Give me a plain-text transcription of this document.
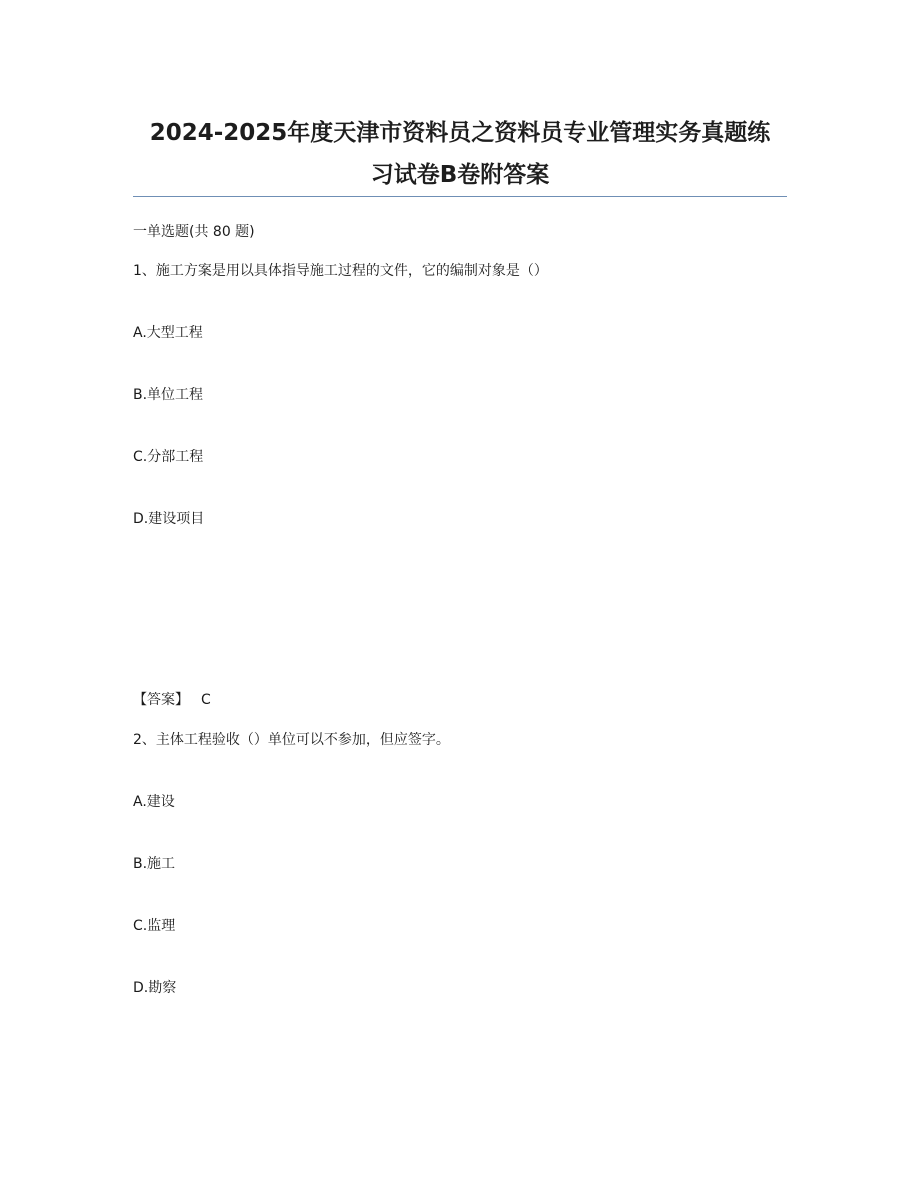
2024-2025年度天津市资料员之资料员专业管理实务真题练
习试卷B卷附答案
一单选题(共 80 题)
1、施工方案是用以具体指导施工过程的文件，它的编制对象是（）
A.大型工程
B.单位工程
C.分部工程
D.建设项目
【答案】 C
2、主体工程验收（）单位可以不参加，但应签字。
A.建设
B.施工
C.监理
D.勘察
